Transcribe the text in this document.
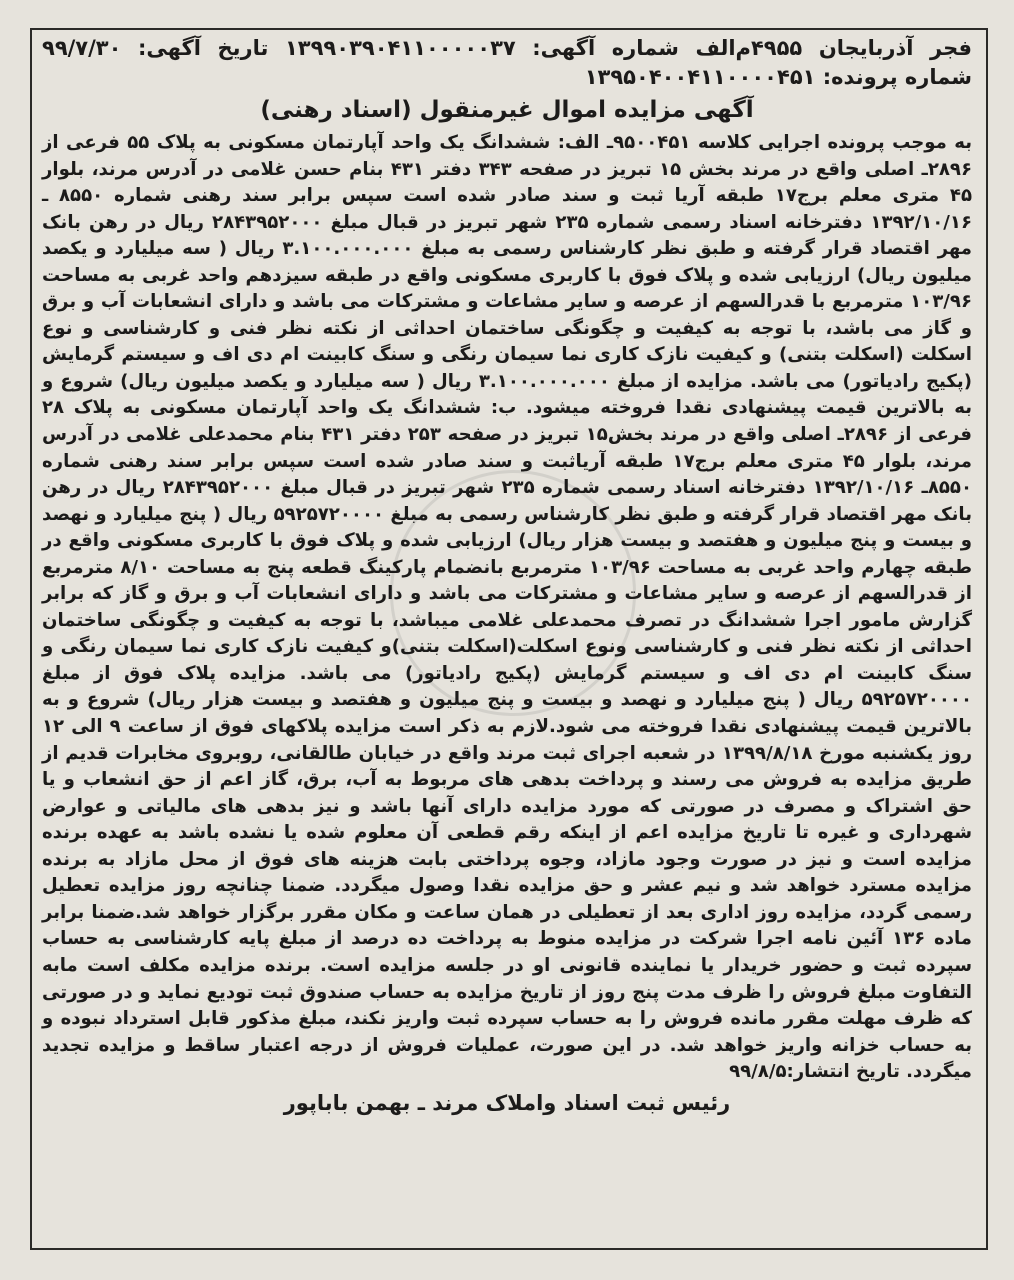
فجر آذربایجان ۴۹۵۵م‌الف شماره آگهی: ۱۳۹۹۰۳۹۰۴۱۱۰۰۰۰۰۳۷ تاریخ آگهی: ۹۹/۷/۳۰ شماره پرونده: ۱۳۹۵۰۴۰۰۴۱۱۰۰۰۰۴۵۱
آگهی مزایده اموال غیرمنقول (اسناد رهنی)
به موجب پرونده اجرایی کلاسه ۹۵۰۰۴۵۱ـ الف: ششدانگ یک واحد آپارتمان مسکونی به پلاک ۵۵ فرعی از ۲۸۹۶ـ اصلی واقع در مرند بخش ۱۵ تبریز در صفحه ۳۴۳ دفتر ۴۳۱ بنام حسن غلامی در آدرس مرند، بلوار ۴۵ متری معلم برج۱۷ طبقه آریا ثبت و سند صادر شده است سپس برابر سند رهنی شماره ۸۵۵۰ ـ ۱۳۹۲/۱۰/۱۶ دفترخانه اسناد رسمی شماره ۲۳۵ شهر تبریز در قبال مبلغ ۲۸۴۳۹۵۲۰۰۰ ریال در رهن بانک مهر اقتصاد قرار گرفته و طبق نظر کارشناس رسمی به مبلغ ۳.۱۰۰.۰۰۰.۰۰۰ ریال ( سه میلیارد و یکصد میلیون ریال) ارزیابی شده و پلاک فوق با کاربری مسکونی واقع در طبقه سیزدهم واحد غربی به مساحت ۱۰۳/۹۶ مترمربع با قدرالسهم از عرصه و سایر مشاعات و مشترکات می باشد و دارای انشعابات آب و برق و گاز می باشد، با توجه به کیفیت و چگونگی ساختمان احداثی از نکته نظر فنی و کارشناسی و نوع اسکلت (اسکلت بتنی) و کیفیت نازک کاری نما سیمان رنگی و سنگ کابینت ام دی اف و سیستم گرمایش (پکیج رادیاتور) می باشد. مزایده از مبلغ ۳.۱۰۰.۰۰۰.۰۰۰ ریال ( سه میلیارد و یکصد میلیون ریال) شروع و به بالاترین قیمت پیشنهادی نقدا فروخته میشود. ب: ششدانگ یک واحد آپارتمان مسکونی به پلاک ۲۸ فرعی از ۲۸۹۶ـ اصلی واقع در مرند بخش۱۵ تبریز در صفحه ۲۵۳ دفتر ۴۳۱ بنام محمدعلی غلامی در آدرس مرند، بلوار ۴۵ متری معلم برج۱۷ طبقه آریاثبت و سند صادر شده است سپس برابر سند رهنی شماره ۸۵۵۰ـ ۱۳۹۲/۱۰/۱۶ دفترخانه اسناد رسمی شماره ۲۳۵ شهر تبریز در قبال مبلغ ۲۸۴۳۹۵۲۰۰۰ ریال در رهن بانک مهر اقتصاد قرار گرفته و طبق نظر کارشناس رسمی به مبلغ ۵۹۲۵۷۲۰۰۰۰ ریال ( پنج میلیارد و نهصد و بیست و پنج میلیون و هفتصد و بیست هزار ریال) ارزیابی شده و پلاک فوق با کاربری مسکونی واقع در طبقه چهارم واحد غربی به مساحت ۱۰۳/۹۶ مترمربع بانضمام پارکینگ قطعه پنج به مساحت ۸/۱۰ مترمربع از قدرالسهم از عرصه و سایر مشاعات و مشترکات می باشد و دارای انشعابات آب و برق و گاز که برابر گزارش مامور اجرا ششدانگ در تصرف محمدعلی غلامی میباشد، با توجه به کیفیت و چگونگی ساختمان احداثی از نکته نظر فنی و کارشناسی ونوع اسکلت(اسکلت بتنی)و کیفیت نازک کاری نما سیمان رنگی و سنگ کابینت ام دی اف و سیستم گرمایش (پکیج رادیاتور) می باشد. مزایده پلاک فوق از مبلغ ۵۹۲۵۷۲۰۰۰۰ ریال ( پنج میلیارد و نهصد و بیست و پنج میلیون و هفتصد و بیست هزار ریال) شروع و به بالاترین قیمت پیشنهادی نقدا فروخته می شود.لازم به ذکر است مزایده پلاکهای فوق از ساعت ۹ الی ۱۲ روز یکشنبه مورخ ۱۳۹۹/۸/۱۸ در شعبه اجرای ثبت مرند واقع در خیابان طالقانی، روبروی مخابرات قدیم از طریق مزایده به فروش می رسند و پرداخت بدهی های مربوط به آب، برق، گاز اعم از حق انشعاب و یا حق اشتراک و مصرف در صورتی که مورد مزایده دارای آنها باشد و نیز بدهی های مالیاتی و عوارض شهرداری و غیره تا تاریخ مزایده اعم از اینکه رقم قطعی آن معلوم شده یا نشده باشد به عهده برنده مزایده است و نیز در صورت وجود مازاد، وجوه پرداختی بابت هزینه های فوق از محل مازاد به برنده مزایده مسترد خواهد شد و نیم عشر و حق مزایده نقدا وصول میگردد. ضمنا چنانچه روز مزایده تعطیل رسمی گردد، مزایده روز اداری بعد از تعطیلی در همان ساعت و مکان مقرر برگزار خواهد شد.ضمنا برابر ماده ۱۳۶ آئین نامه اجرا شرکت در مزایده منوط به پرداخت ده درصد از مبلغ پایه کارشناسی به حساب سپرده ثبت و حضور خریدار یا نماینده قانونی او در جلسه مزایده است. برنده مزایده مکلف است مابه التفاوت مبلغ فروش را ظرف مدت پنج روز از تاریخ مزایده به حساب صندوق ثبت تودیع نماید و در صورتی که ظرف مهلت مقرر مانده فروش را به حساب سپرده ثبت واریز نکند، مبلغ مذکور قابل استرداد نبوده و به حساب خزانه واریز خواهد شد. در این صورت، عملیات فروش از درجه اعتبار ساقط و مزایده تجدید میگردد. تاریخ انتشار:۹۹/۸/۵
رئیس ثبت اسناد واملاک مرند ـ بهمن باباپور
